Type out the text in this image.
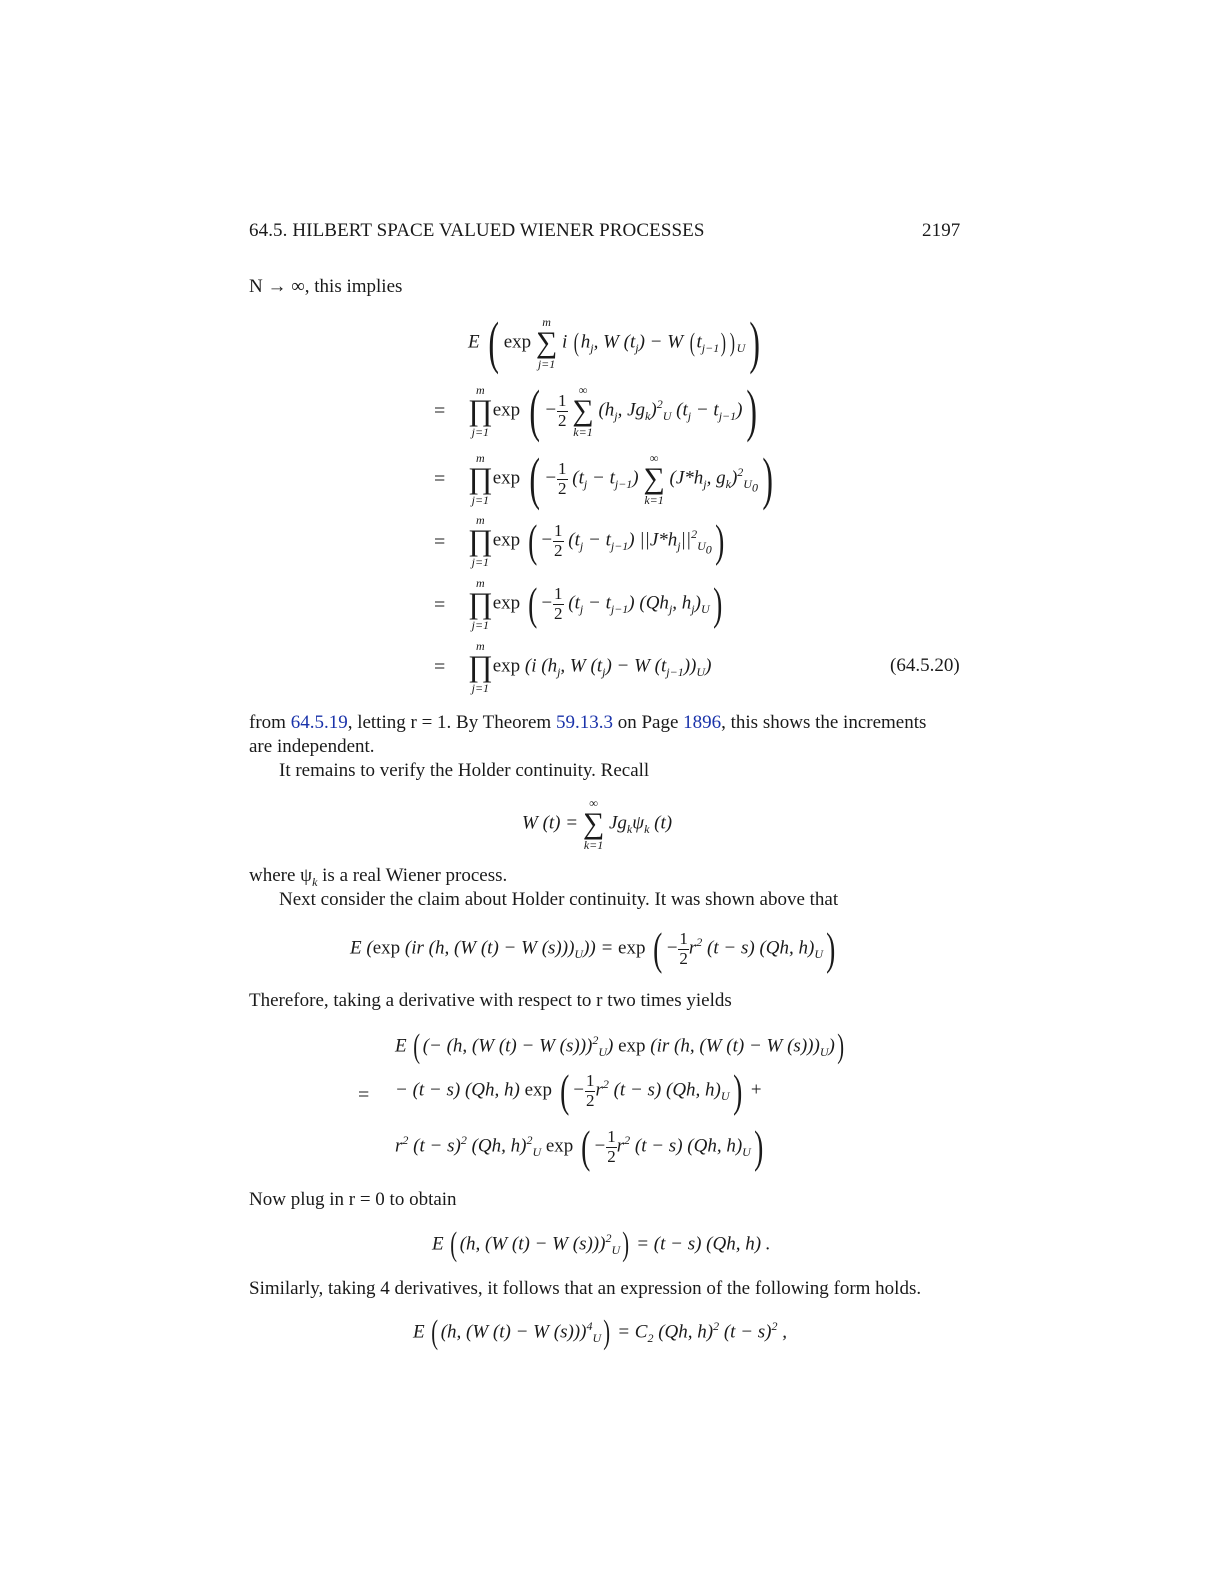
64.5. HILBERT SPACE VALUED WIENER PROCESSES	2197
N → ∞, this implies
E ( exp
m
∑
j=1
i ($h_j$, W $(t_j) - W$ $(t_{j-1})$ ) $_U$)
=
m
∏
j=1
exp ( − $\frac{1}{2}$

∞
∑
k=1
($h_j$, $Jg_k)^2_U$ $(t_j - t_{j-1})$)
=
m
∏
j=1
exp ( − $\frac{1}{2} (t_j - t_{j-1})$
∞
∑
k=1
($J*h_j$, $g_k)^2_{U_0}$)
=
m
∏
j=1
exp ( − $\frac{1}{2} (t_j - t_{j-1})$ $||J*h_j||^2_{U_0}$)
=
m
∏
j=1
exp ( − $\frac{1}{2} (t_j - t_{j-1})$ ($Qh_j$, $h_j)_U$)
=
m
∏
j=1
exp (i ($h_j$, W $(t_j) - W$ $(t_{j-1}))_U$)	(64.5.20)
from 64.5.19, letting r = 1. By Theorem 59.13.3 on Page 1896, this shows the increments
are independent.
It remains to verify the Holder continuity. Recall
W (t) =
∞
∑
k=1
$Jg_k\psi_k$ (t)
where $\psi_k$ is a real Wiener process.
Next consider the claim about Holder continuity. It was shown above that
E (exp (ir (h, (W (t) − W $(s)))_U)) = \exp$ ( − $\frac{1}{2} r^2$ (t − s) (Qh, $h)_U$)
Therefore, taking a derivative with respect to r two times yields
E ( (− (h, (W (t) − W (s)))$^2_U$) exp (ir (h, (W (t) − W $(s)))_U$))
= − (t − s) (Qh, h) exp ( − $\frac{1}{2} r^2$ (t − s) (Qh, $h)_U$) +
$r^2$ $(t - s)^2$ (Qh, h)$^2_U$ exp ( − $\frac{1}{2} r^2$ (t − s) (Qh, $h)_U$)
Now plug in r = 0 to obtain
E ( (h, (W (t) − W (s)))$^2_U$) = (t − s) (Qh, h) .
Similarly, taking 4 derivatives, it follows that an expression of the following form holds.
E ( (h, (W (t) − W $(s)))^4_U) = C_2$ (Qh, h)$^2$ $(t - s)^2$ ,
